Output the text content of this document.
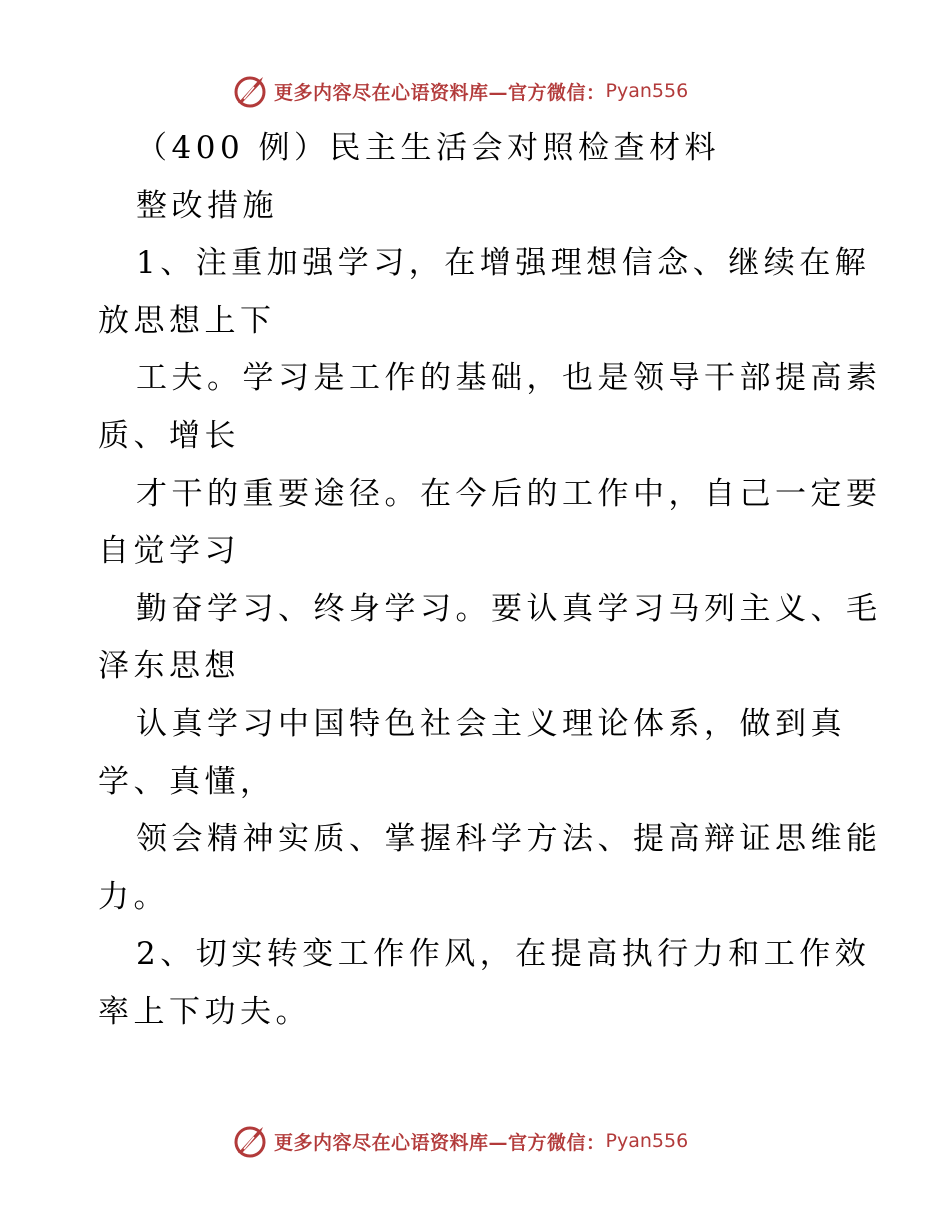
更多内容尽在心语资料库—官方微信： Pyan556
（400 例）民主生活会对照检查材料
整改措施
1、注重加强学习，在增强理想信念、继续在解
放思想上下
工夫。学习是工作的基础，也是领导干部提高素
质、增长
才干的重要途径。在今后的工作中，自己一定要
自觉学习
勤奋学习、终身学习。要认真学习马列主义、毛
泽东思想
认真学习中国特色社会主义理论体系，做到真
学、真懂，
领会精神实质、掌握科学方法、提高辩证思维能
力。
2、切实转变工作作风，在提高执行力和工作效
率上下功夫。
更多内容尽在心语资料库—官方微信： Pyan556
